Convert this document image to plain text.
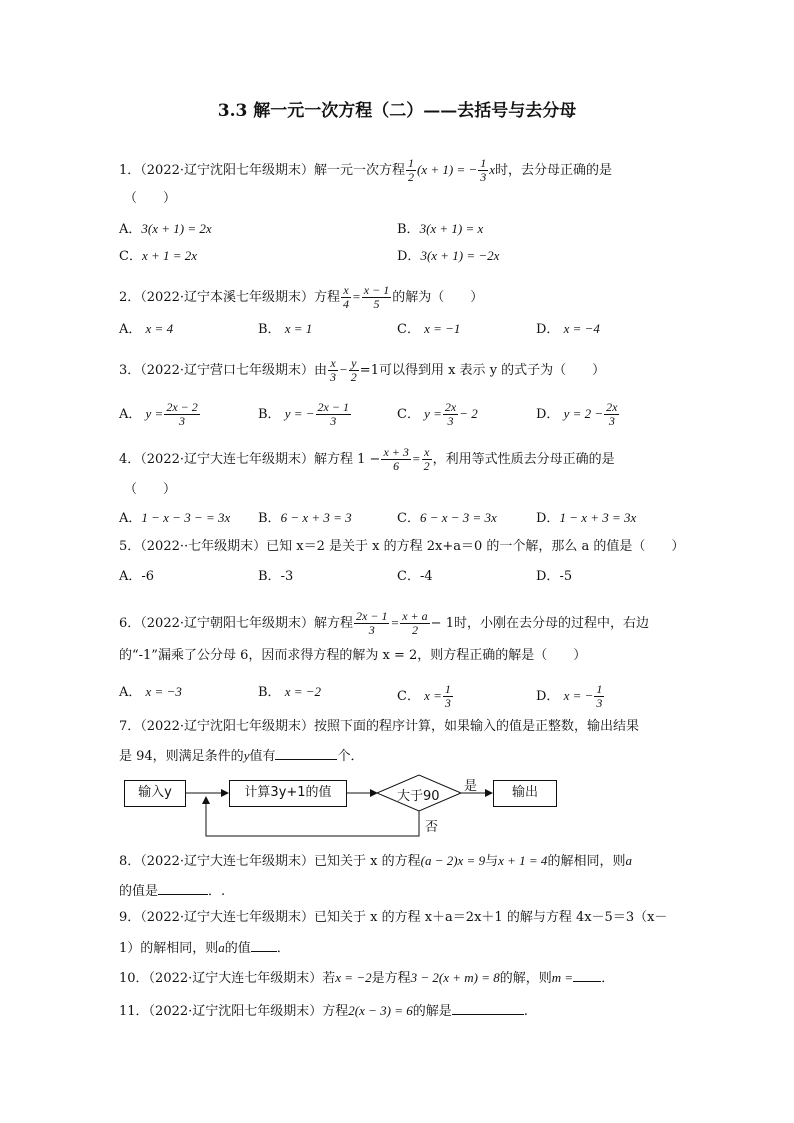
3.3 解一元一次方程（二）——去括号与去分母
1．（2022·辽宁沈阳七年级期末）解一元一次方程 $\frac{1}{2} (x + 1)$ = − $\frac{1}{3}$ x时，去分母正确的是
（　　）
A．3(x + 1) = 2x	B．3(x + 1) = x
C．x + 1 = 2x	D．3(x + 1) = −2x
2．（2022·辽宁本溪七年级期末）方程 $\frac{x}{4} = \frac{x - 1}{5}$ 的解为（　　）
A． x = 4	B． x = 1	C． x = −1	D． x = −4
3．（2022·辽宁营口七年级期末）由 $\frac{x}{3} - \frac{y}{2} =1$可以得到用 x 表示 y 的式子为（　　）
A． $y = \frac{2x - 2}{3}$	B． y = − $\frac{2x - 1}{3}$	C． $y = \frac{2x}{3} - 2$	D． $y = 2 - \frac{2x}{3}$
4．（2022·辽宁大连七年级期末）解方程 $1 - \frac{x + 3}{6} = \frac{x}{2}$ ，利用等式性质去分母正确的是
（　　）
A．1 − x − 3 − = 3x B．6 − x + 3 = 3	C．6 − x − 3 = 3x	D．1 − x + 3 = 3x
5．（2022··七年级期末）已知 x＝2 是关于 x 的方程 2x+a＝0 的一个解，那么 a 的值是（　　）
A．-6	B．-3	C．-4	D．-5
6．（2022·辽宁朝阳七年级期末）解方程 $\frac{2x - 1}{3} = \frac{x + a}{2} - 1$时，小刚在去分母的过程中，右边
的“-1”漏乘了公分母 6，因而求得方程的解为 x = 2，则方程正确的解是（　　）
A． x = −3	B． x = −2	C． $x = \frac{1}{3}$	D． x = − $\frac{1}{3}$
7．（2022·辽宁沈阳七年级期末）按照下面的程序计算，如果输入的值是正整数，输出结果
是 94，则满足条件的y值有	个．
输入y	计算3y+1的值	大于90	输出
是
否
8．（2022·辽宁大连七年级期末）已知关于 x 的方程(a − 2)x = 9与x + 1 = 4的解相同，则a
的值是	．.
9．（2022·辽宁大连七年级期末）已知关于 x 的方程 x＋a＝2x＋1 的解与方程 4x－5＝3（x－
1）的解相同，则a的值 ．
10．（2022·辽宁大连七年级期末）若x = −2是方程3 − 2(x + m) = 8的解，则m = ．
11．（2022·辽宁沈阳七年级期末）方程2(x − 3) = 6的解是	.
